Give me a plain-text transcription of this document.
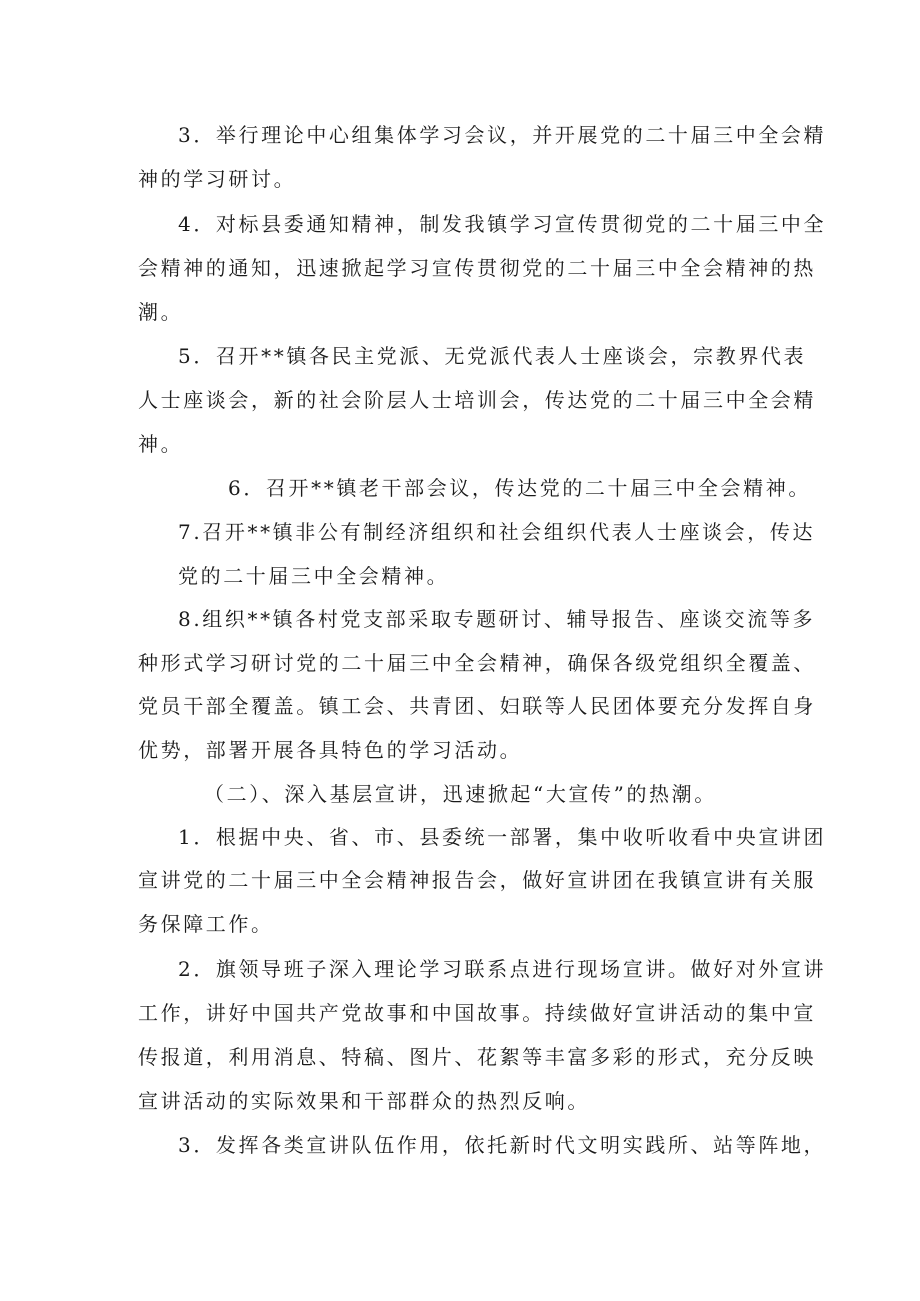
3．举行理论中心组集体学习会议，并开展党的二十届三中全会精
神的学习研讨。
4．对标县委通知精神，制发我镇学习宣传贯彻党的二十届三中全
会精神的通知，迅速掀起学习宣传贯彻党的二十届三中全会精神的热
潮。
5．召开**镇各民主党派、无党派代表人士座谈会，宗教界代表
人士座谈会，新的社会阶层人士培训会，传达党的二十届三中全会精
神。
6．召开**镇老干部会议，传达党的二十届三中全会精神。
7.召开**镇非公有制经济组织和社会组织代表人士座谈会，传达
党的二十届三中全会精神。
8.组织**镇各村党支部采取专题研讨、辅导报告、座谈交流等多
种形式学习研讨党的二十届三中全会精神，确保各级党组织全覆盖、
党员干部全覆盖。镇工会、共青团、妇联等人民团体要充分发挥自身
优势，部署开展各具特色的学习活动。
（二）、深入基层宣讲，迅速掀起“大宣传”的热潮。
1．根据中央、省、市、县委统一部署，集中收听收看中央宣讲团
宣讲党的二十届三中全会精神报告会，做好宣讲团在我镇宣讲有关服
务保障工作。
2．旗领导班子深入理论学习联系点进行现场宣讲。做好对外宣讲
工作，讲好中国共产党故事和中国故事。持续做好宣讲活动的集中宣
传报道，利用消息、特稿、图片、花絮等丰富多彩的形式，充分反映
宣讲活动的实际效果和干部群众的热烈反响。
3．发挥各类宣讲队伍作用，依托新时代文明实践所、站等阵地，
